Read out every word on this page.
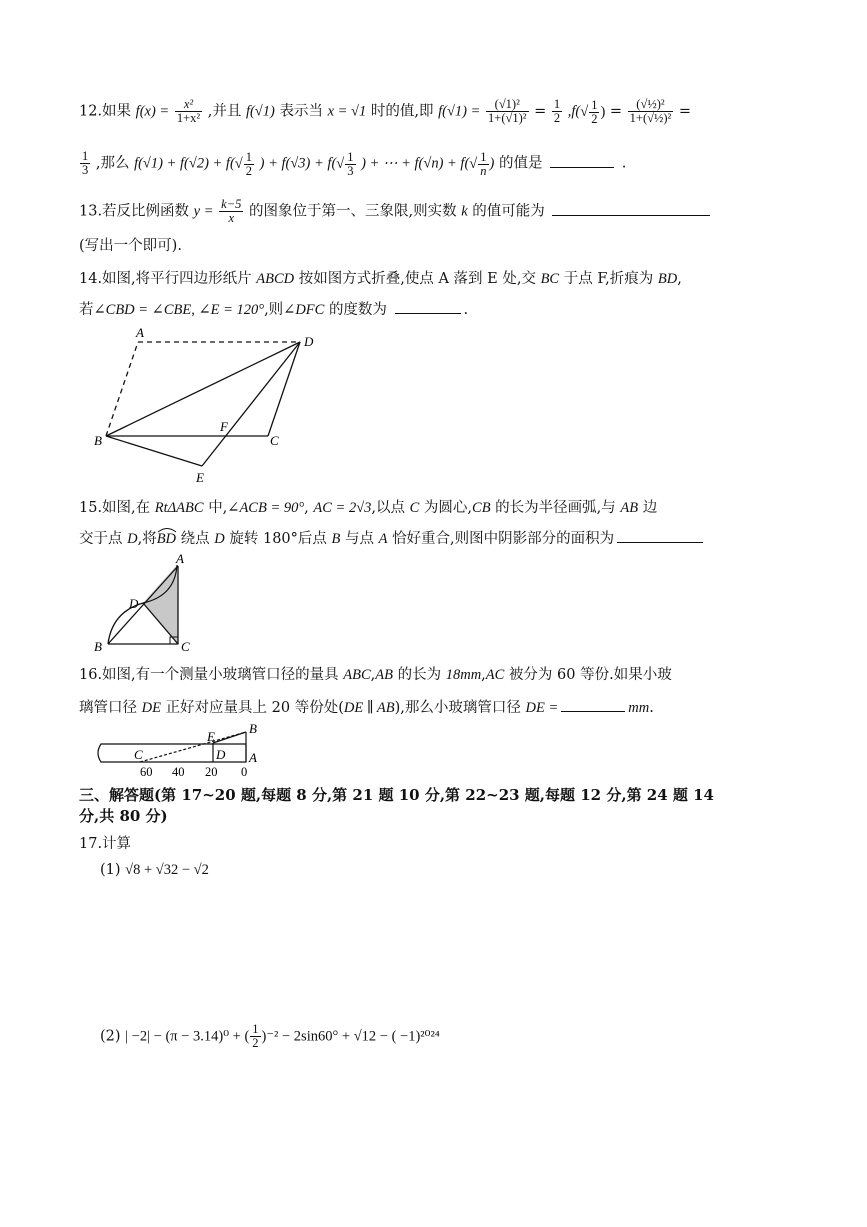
12.如果 $f(x) = \frac{\text{x²}}{\text{1+x²}}$ ,并且 f(√1) 表示当 x = √1 时的值,即 $f(√1) = \frac{\text{(√1)²}}{\text{1+(√1)²}} = \frac{1}{2} ,f(√ \frac{1}{2}$ ) = $\frac{\text{(√½)²}}{\text{1+(√½)²}}$ =
$\frac{1}{3}$ ,那么 $f(√1) + f(√2) + f(√ \frac{1}{2}$ ) + $f(√3) + f(√ \frac{1}{3}$ ) + ⋯ + $f(√n) + f(√ \frac{1}{n}$ ) 的值是	.
13.若反比例函数 $y = \frac{k-5}{x}$ 的图象位于第一、三象限,则实数 k 的值可能为
(写出一个即可).
14.如图,将平行四边形纸片 ABCD 按如图方式折叠,使点 A 落到 E 处,交 BC 于点 F,折痕为 BD,
若∠CBD = ∠CBE, ∠E = 120°,则∠DFC 的度数为	.
A
D
B
F
C
E
15.如图,在 RtΔABC 中,∠ACB = 90°, AC = 2√3,以点 C 为圆心,CB 的长为半径画弧,与 AB 边
交于点 D,将BD 绕点 D 旋转 180°后点 B 与点 A 恰好重合,则图中阴影部分的面积为
A
D
B	C
16.如图,有一个测量小玻璃管口径的量具 ABC,AB 的长为 18mm,AC 被分为 60 等份.如果小玻
璃管口径 DE 正好对应量具上 20 等份处(DE ∥ AB),那么小玻璃管口径 DE =	mm.
C
E
D
B
A
60 40 20 0
三、解答题(第 17~20 题,每题 8 分,第 21 题 10 分,第 22~23 题,每题 12 分,第 24 题 14
分,共 80 分)
17.计算
(1) √8 + √32 − √2
(2) | −2| − (π − 3.14)⁰ + ( $\frac{1}{2} )^{-2} - 2\sin 60^\circ + √12$ − ( −1)²⁰²⁴
